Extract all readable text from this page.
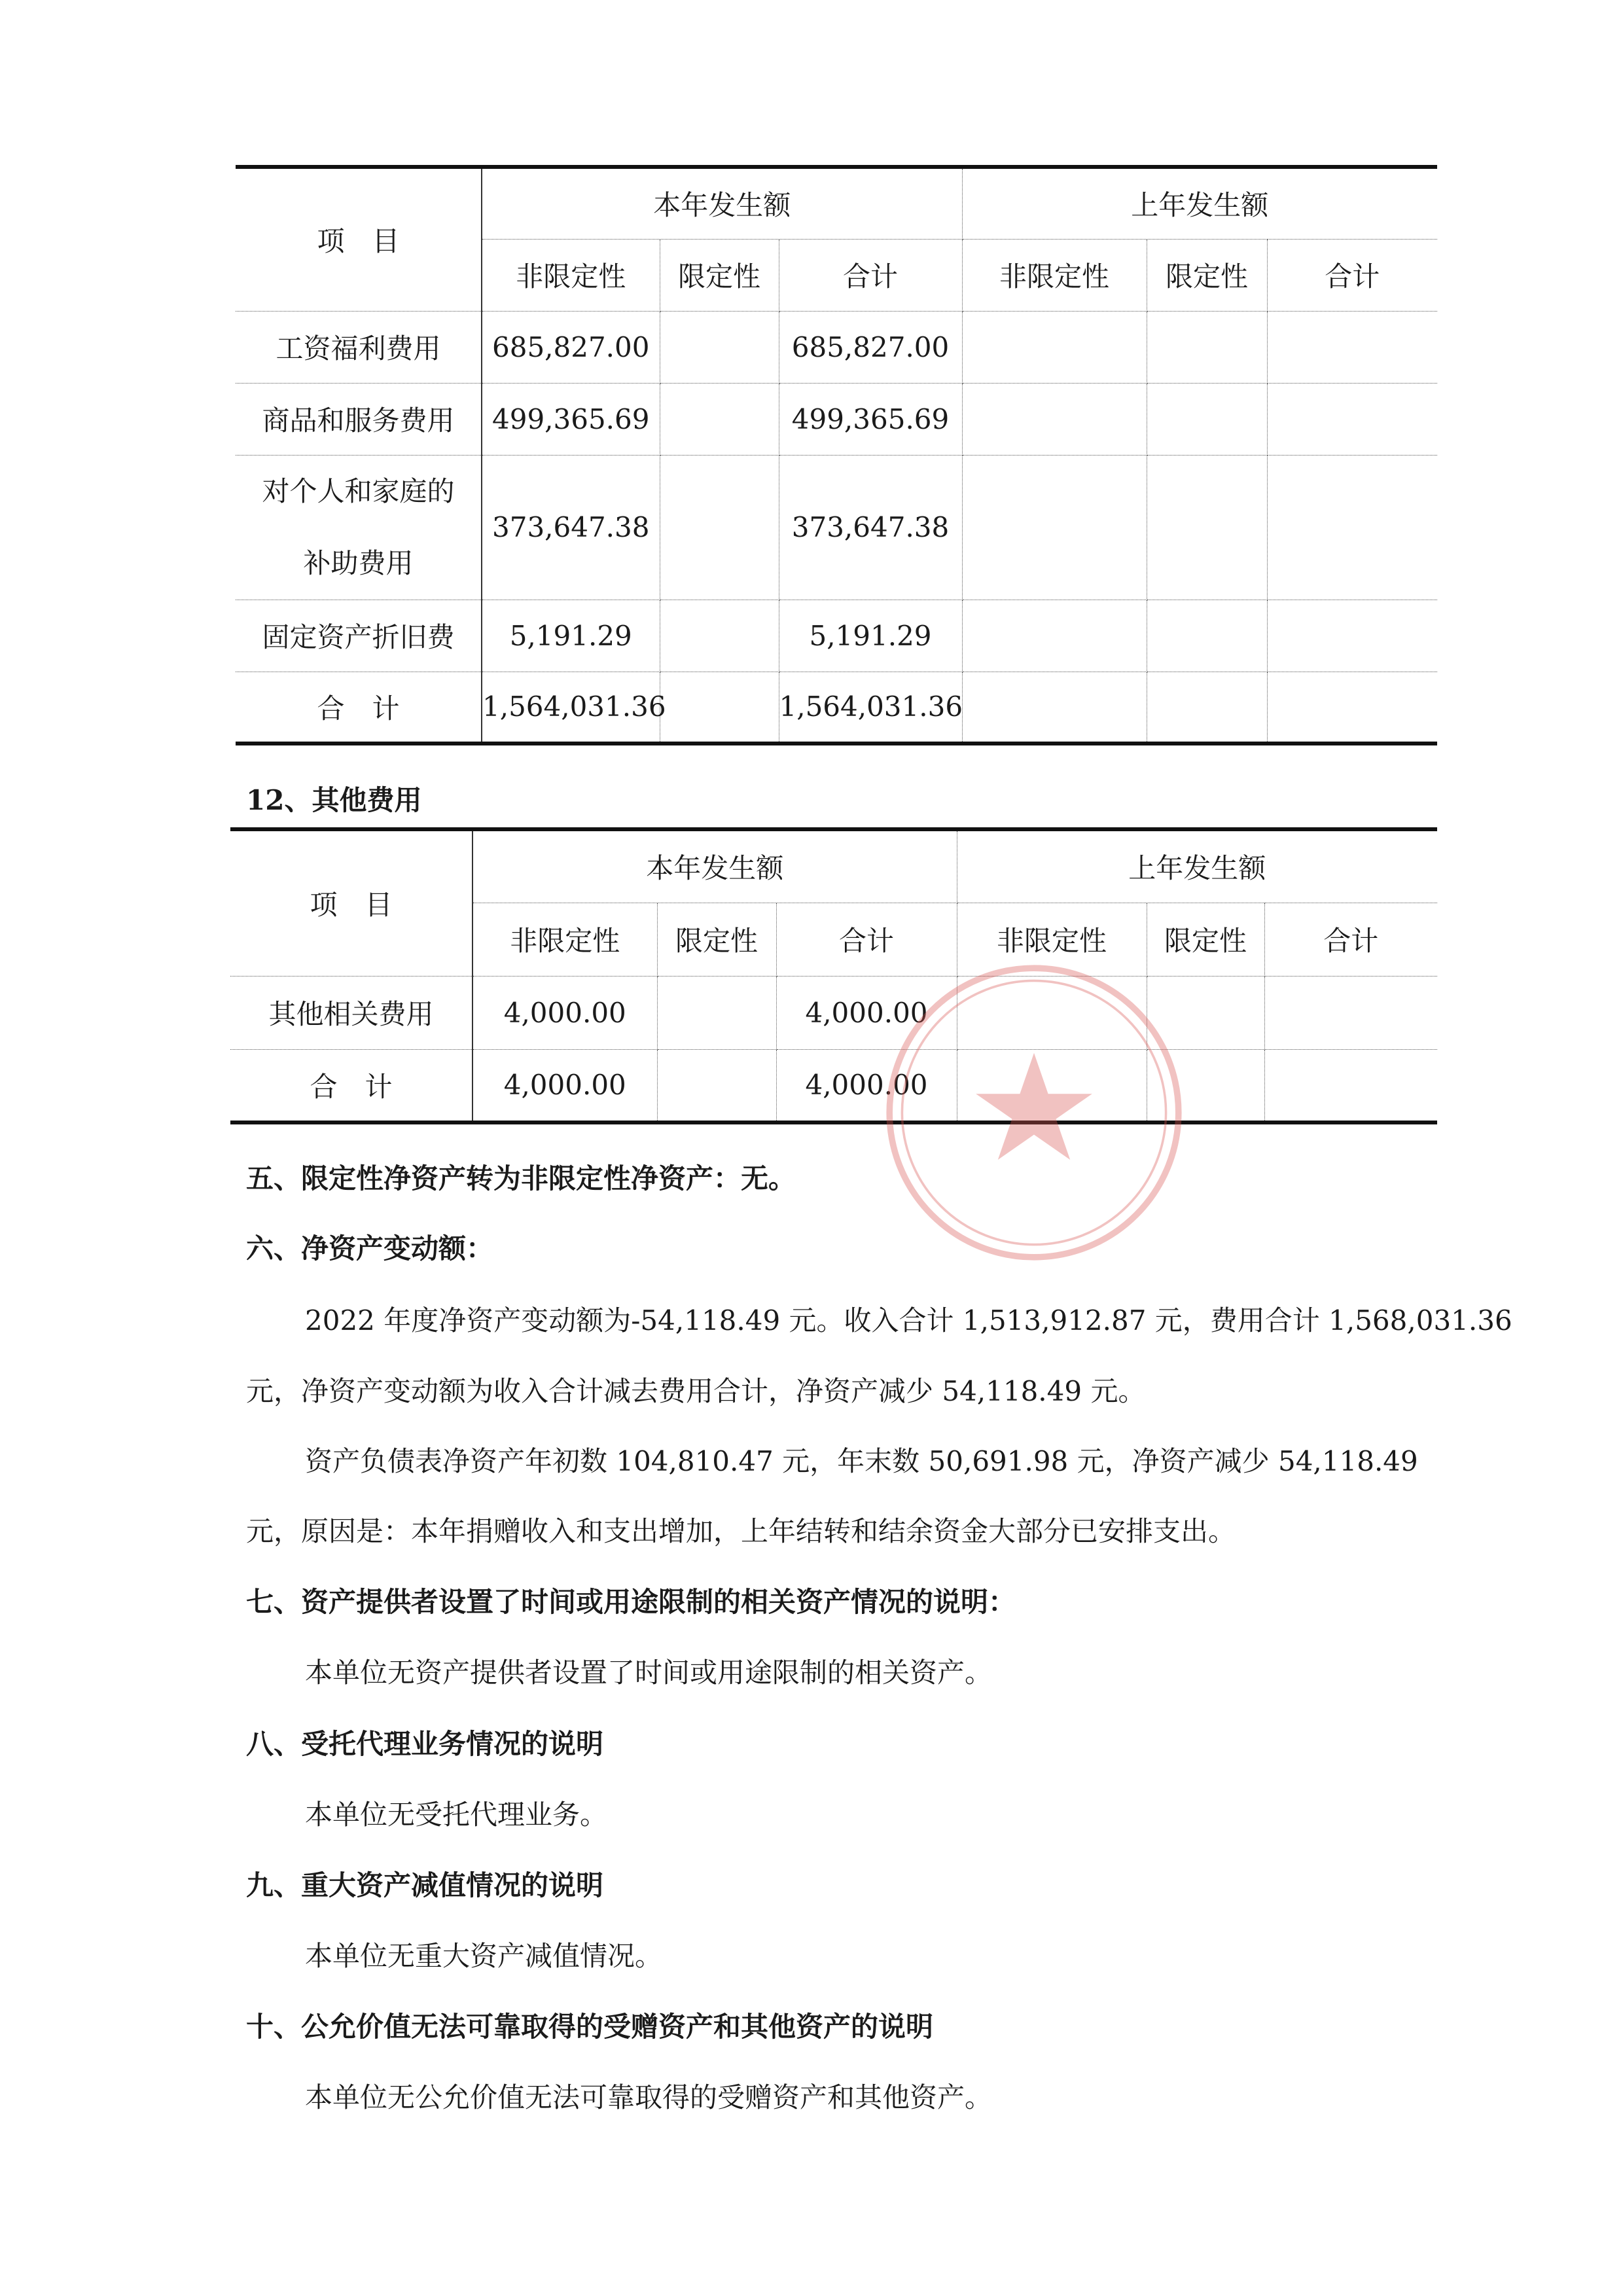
项　目	本年发生额			上年发生额		
	非限定性	限定性	合计	非限定性	限定性	合计
工资福利费用	685,827.00		685,827.00			
商品和服务费用	499,365.69		499,365.69			

对个人和家庭的
补助费用	373,647.38		373,647.38			
固定资产折旧费	5,191.29		5,191.29			
合　计	1,564,031.36		1,564,031.36			
12、其他费用
项　目	本年发生额			上年发生额		
	非限定性	限定性	合计	非限定性	限定性	合计
其他相关费用	4,000.00		4,000.00			
合　计	4,000.00		4,000.00			
五、限定性净资产转为非限定性净资产：无。
六、净资产变动额：
2022 年度净资产变动额为-54,118.49 元。收入合计 1,513,912.87 元，费用合计 1,568,031.36
元，净资产变动额为收入合计减去费用合计，净资产减少 54,118.49 元。
资产负债表净资产年初数 104,810.47 元，年末数 50,691.98 元，净资产减少 54,118.49
元，原因是：本年捐赠收入和支出增加，上年结转和结余资金大部分已安排支出。
七、资产提供者设置了时间或用途限制的相关资产情况的说明：
本单位无资产提供者设置了时间或用途限制的相关资产。
八、受托代理业务情况的说明
本单位无受托代理业务。
九、重大资产减值情况的说明
本单位无重大资产减值情况。
十、公允价值无法可靠取得的受赠资产和其他资产的说明
本单位无公允价值无法可靠取得的受赠资产和其他资产。
